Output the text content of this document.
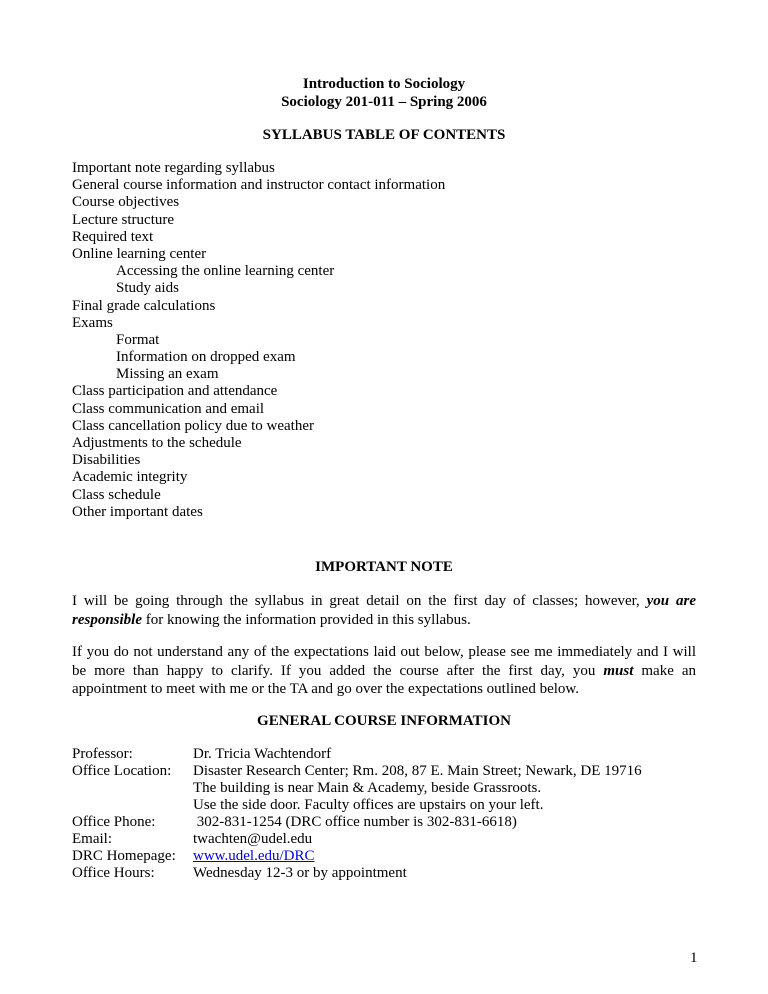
Introduction to Sociology
Sociology 201-011 – Spring 2006
SYLLABUS TABLE OF CONTENTS
Important note regarding syllabus
General course information and instructor contact information
Course objectives
Lecture structure
Required text
Online learning center
Accessing the online learning center
Study aids
Final grade calculations
Exams
Format
Information on dropped exam
Missing an exam
Class participation and attendance
Class communication and email
Class cancellation policy due to weather
Adjustments to the schedule
Disabilities
Academic integrity
Class schedule
Other important dates
IMPORTANT NOTE
I will be going through the syllabus in great detail on the first day of classes; however, you are responsible for knowing the information provided in this syllabus.
If you do not understand any of the expectations laid out below, please see me immediately and I will be more than happy to clarify. If you added the course after the first day, you must make an appointment to meet with me or the TA and go over the expectations outlined below.
GENERAL COURSE INFORMATION
Professor:	Dr. Tricia Wachtendorf
Office Location: Disaster Research Center; Rm. 208, 87 E. Main Street; Newark, DE 19716
The building is near Main & Academy, beside Grassroots.
Use the side door. Faculty offices are upstairs on your left.
Office Phone:	302-831-1254 (DRC office number is 302-831-6618)
Email:	twachten@udel.edu
DRC Homepage: www.udel.edu/DRC
Office Hours:	Wednesday 12-3 or by appointment
1
